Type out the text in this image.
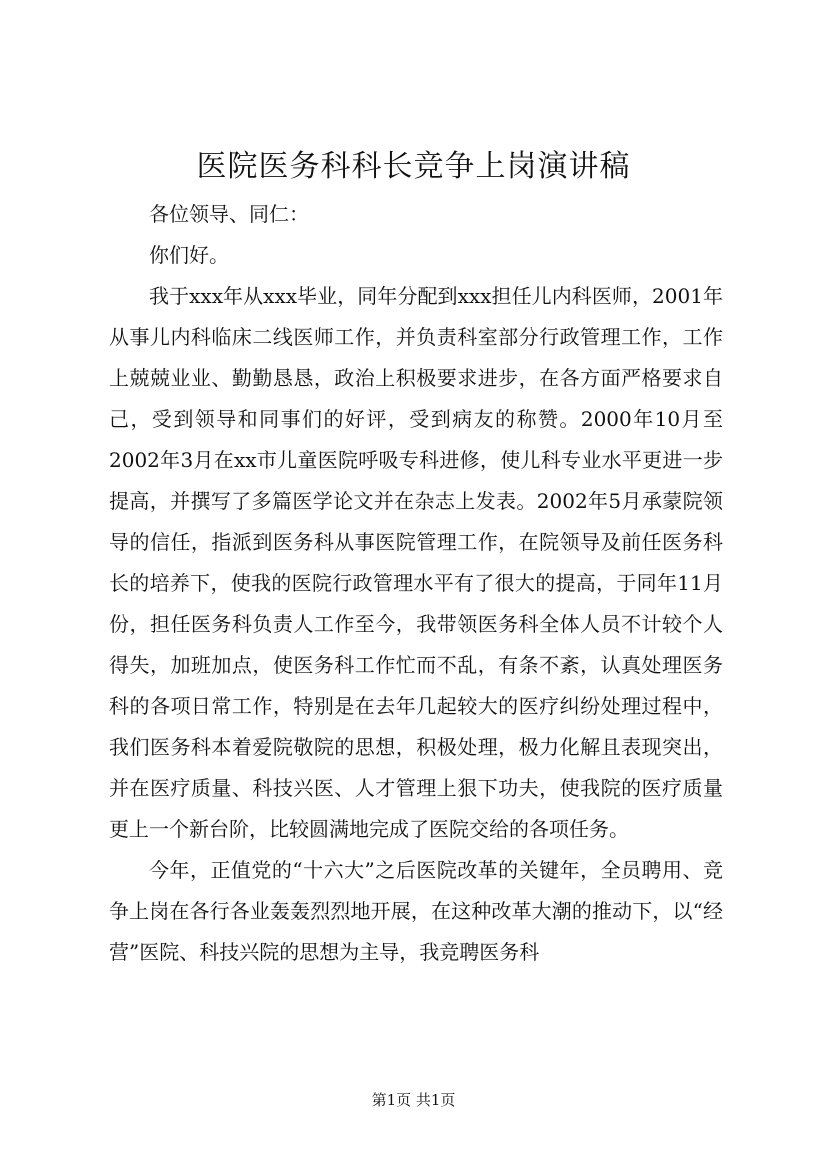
医院医务科科长竞争上岗演讲稿

各位领导、同仁：

你们好。

我于xxx年从xxx毕业，同年分配到xxx担任儿内科医师，2001年从事儿内科临床二线医师工作，并负责科室部分行政管理工作，工作上兢兢业业、勤勤恳恳，政治上积极要求进步，在各方面严格要求自己，受到领导和同事们的好评，受到病友的称赞。2000年10月至2002年3月在xx市儿童医院呼吸专科进修，使儿科专业水平更进一步提高，并撰写了多篇医学论文并在杂志上发表。2002年5月承蒙院领导的信任，指派到医务科从事医院管理工作，在院领导及前任医务科长的培养下，使我的医院行政管理水平有了很大的提高，于同年11月份，担任医务科负责人工作至今，我带领医务科全体人员不计较个人得失，加班加点，使医务科工作忙而不乱，有条不紊，认真处理医务科的各项日常工作，特别是在去年几起较大的医疗纠纷处理过程中，我们医务科本着爱院敬院的思想，积极处理，极力化解且表现突出，并在医疗质量、科技兴医、人才管理上狠下功夫，使我院的医疗质量更上一个新台阶，比较圆满地完成了医院交给的各项任务。

今年，正值党的“十六大”之后医院改革的关键年，全员聘用、竞争上岗在各行各业轰轰烈烈地开展，在这种改革大潮的推动下，以“经营”医院、科技兴院的思想为主导，我竞聘医务科

第1页 共1页
